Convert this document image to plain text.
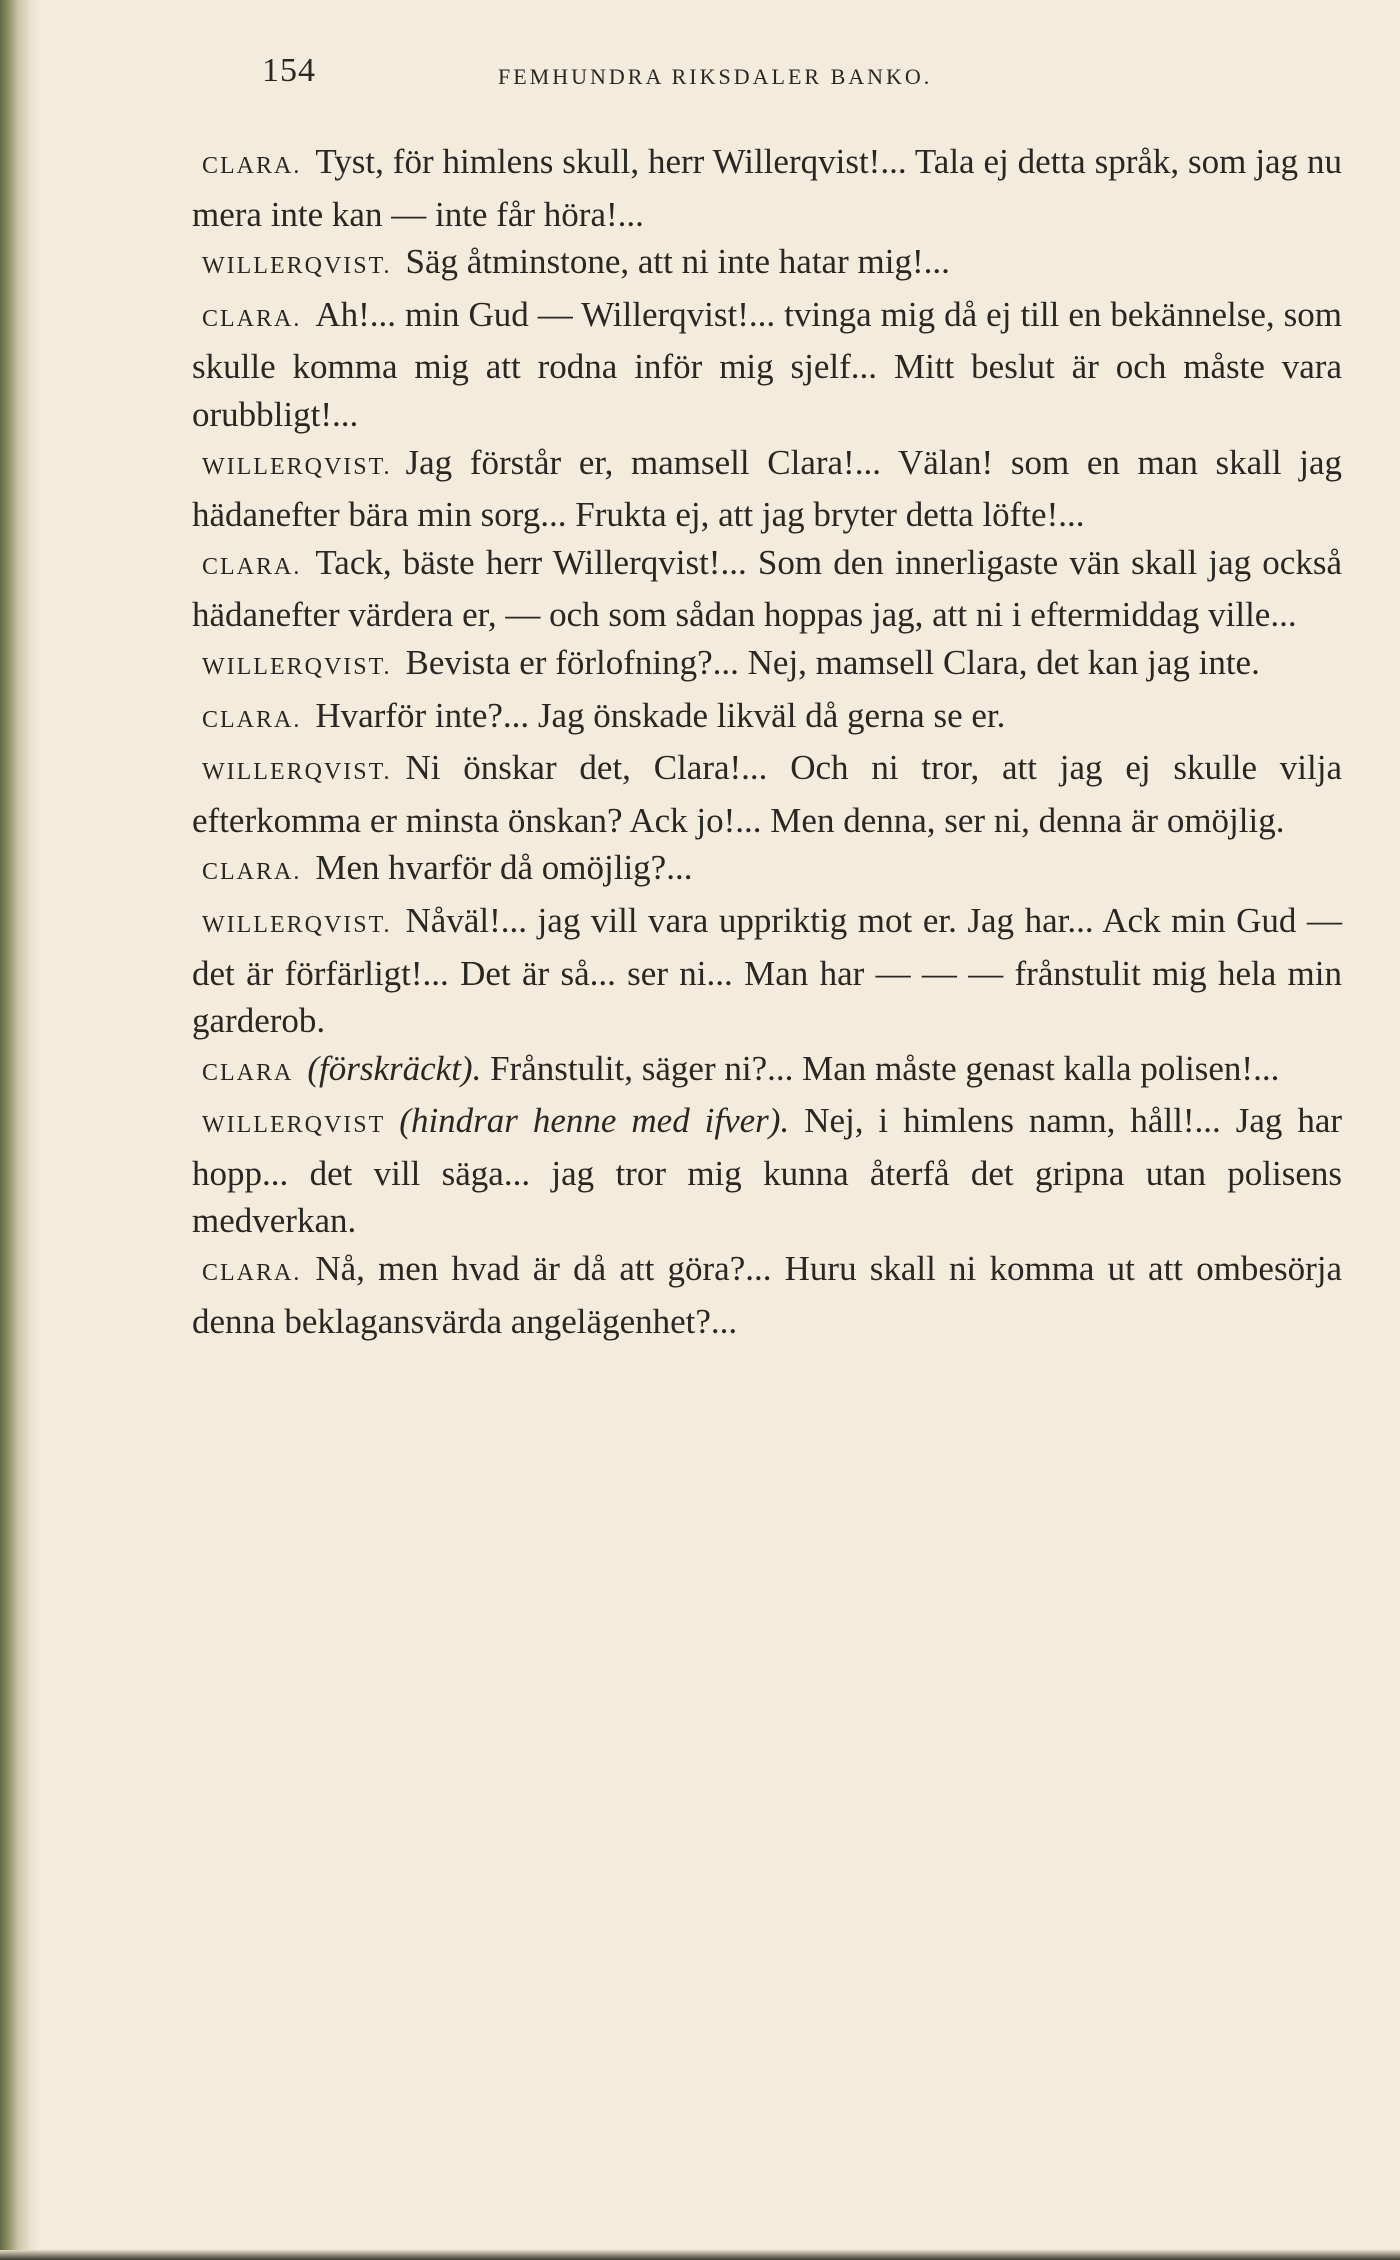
154	FEMHUNDRA RIKSDALER BANKO.

CLARA. Tyst, för himlens skull, herr Willerqvist!... Tala ej detta språk, som jag nu mera inte kan — inte får höra!...

WILLERQVIST. Säg åtminstone, att ni inte hatar mig!...

CLARA. Ah!... min Gud — Willerqvist!... tvinga mig då ej till en bekännelse, som skulle komma mig att rodna inför mig sjelf... Mitt beslut är och måste vara orubbligt!...

WILLERQVIST. Jag förstår er, mamsell Clara!... Välan! som en man skall jag hädanefter bära min sorg... Frukta ej, att jag bryter detta löfte!...

CLARA. Tack, bäste herr Willerqvist!... Som den innerligaste vän skall jag också hädanefter värdera er, — och som sådan hoppas jag, att ni i eftermiddag ville...

WILLERQVIST. Bevista er förlofning?... Nej, mamsell Clara, det kan jag inte.

CLARA. Hvarför inte?... Jag önskade likväl då gerna se er.

WILLERQVIST. Ni önskar det, Clara!... Och ni tror, att jag ej skulle vilja efterkomma er minsta önskan? Ack jo!... Men denna, ser ni, denna är omöjlig.

CLARA. Men hvarför då omöjlig?...

WILLERQVIST. Nåväl!... jag vill vara uppriktig mot er. Jag har... Ack min Gud — det är förfärligt!... Det är så... ser ni... Man har — — — frånstulit mig hela min garderob.

CLARA (förskräckt). Frånstulit, säger ni?... Man måste genast kalla polisen!...

WILLERQVIST (hindrar henne med ifver). Nej, i himlens namn, håll!... Jag har hopp... det vill säga... jag tror mig kunna återfå det gripna utan polisens medverkan.

CLARA. Nå, men hvad är då att göra?... Huru skall ni komma ut att ombesörja denna beklagansvärda angelägenhet?...
